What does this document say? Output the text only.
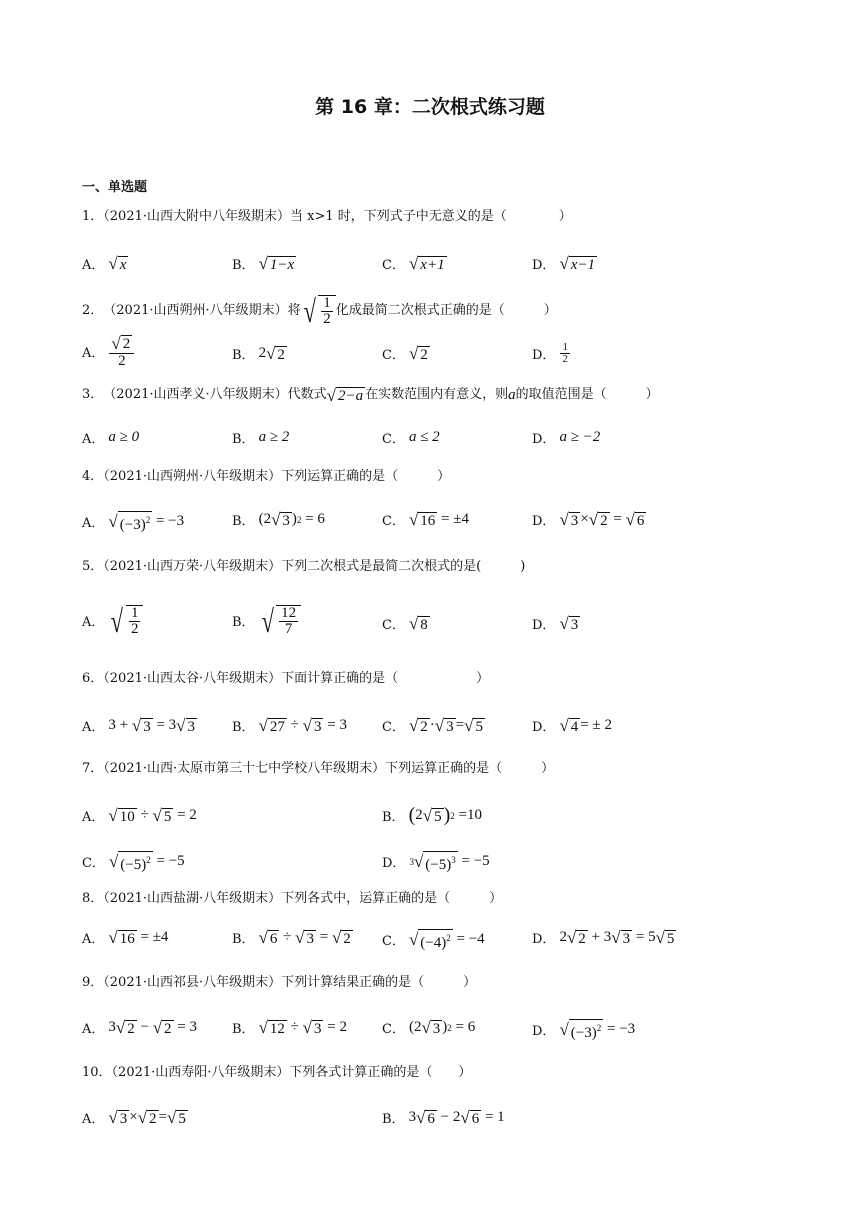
第 16 章：二次根式练习题
一、单选题
1．（2021·山西大附中八年级期末）当 x>1 时，下列式子中无意义的是（　　　　）
A． √ x	B． √ 1−x	C． √ x+1	D． √ x−1
2． （2021·山西朔州·八年级期末）将 √ $\frac{1}{2}$ 化成最简二次根式正确的是（　　　）
A． $\frac{√ 2}{2}$	B． 2 √ 2	C． √ 2	D． $\frac{1}{2}$
3． （2021·山西孝义·八年级期末）代数式 √ 2−a 在实数范围内有意义，则 a 的取值范围是（　　　）
A． a ≥ 0	B． a ≥ 2	C． a ≤ 2	D． a ≥ −2
4．（2021·山西朔州·八年级期末）下列运算正确的是（　　　）
A． √ $(-3)^2$
= −3	B． ( 2 √ 3 ) 2
= 6	C． √ 16
= ±4	D． √ 3 × √ 2 = √ 6
5．（2021·山西万荣·八年级期末）下列二次根式是最简二次根式的是(　　　)
A． √ $\frac{1}{2}$	B． √ $\frac{12}{7}$	C． √ 8	D． √ 3
6．（2021·山西太谷·八年级期末）下面计算正确的是（　　　　　　）
A． 3 + √ 3 = 3 √ 3	B． √ 27 ÷ √ 3
= 3	C． √ 2 · √ 3 = √ 5	D． √ 4 = ± 2
7．（2021·山西·太原市第三十七中学校八年级期末）下列运算正确的是（　　　）
A． √ 10 ÷ √ 5
= 2	B． ( 2 √ 5 ) 2
=10
C． √ $(-5)^2$
= −5	D． 3 √ $(-5)^3$
= −5
8．（2021·山西盐湖·八年级期末）下列各式中，运算正确的是（　　　）
A． √ 16
= ±4	B． √ 6 ÷ √ 3 = √ 2 C． √ $(-4)^2$
= −4	D． 2 √ 2 + 3 √ 3 = 5 √ 5
9．（2021·山西祁县·八年级期末）下列计算结果正确的是（　　　）
A． 3 √ 2 − √ 2
= 3	B． √ 12 ÷ √ 3
= 2	C． ( 2 √ 3 ) 2
= 6	D． √ $(-3)^2$
= −3
10．（2021·山西寿阳·八年级期末）下列各式计算正确的是（　　）
A． √ 3 × √ 2 = √ 5	B． 3 √ 6 − 2 √ 6
= 1
